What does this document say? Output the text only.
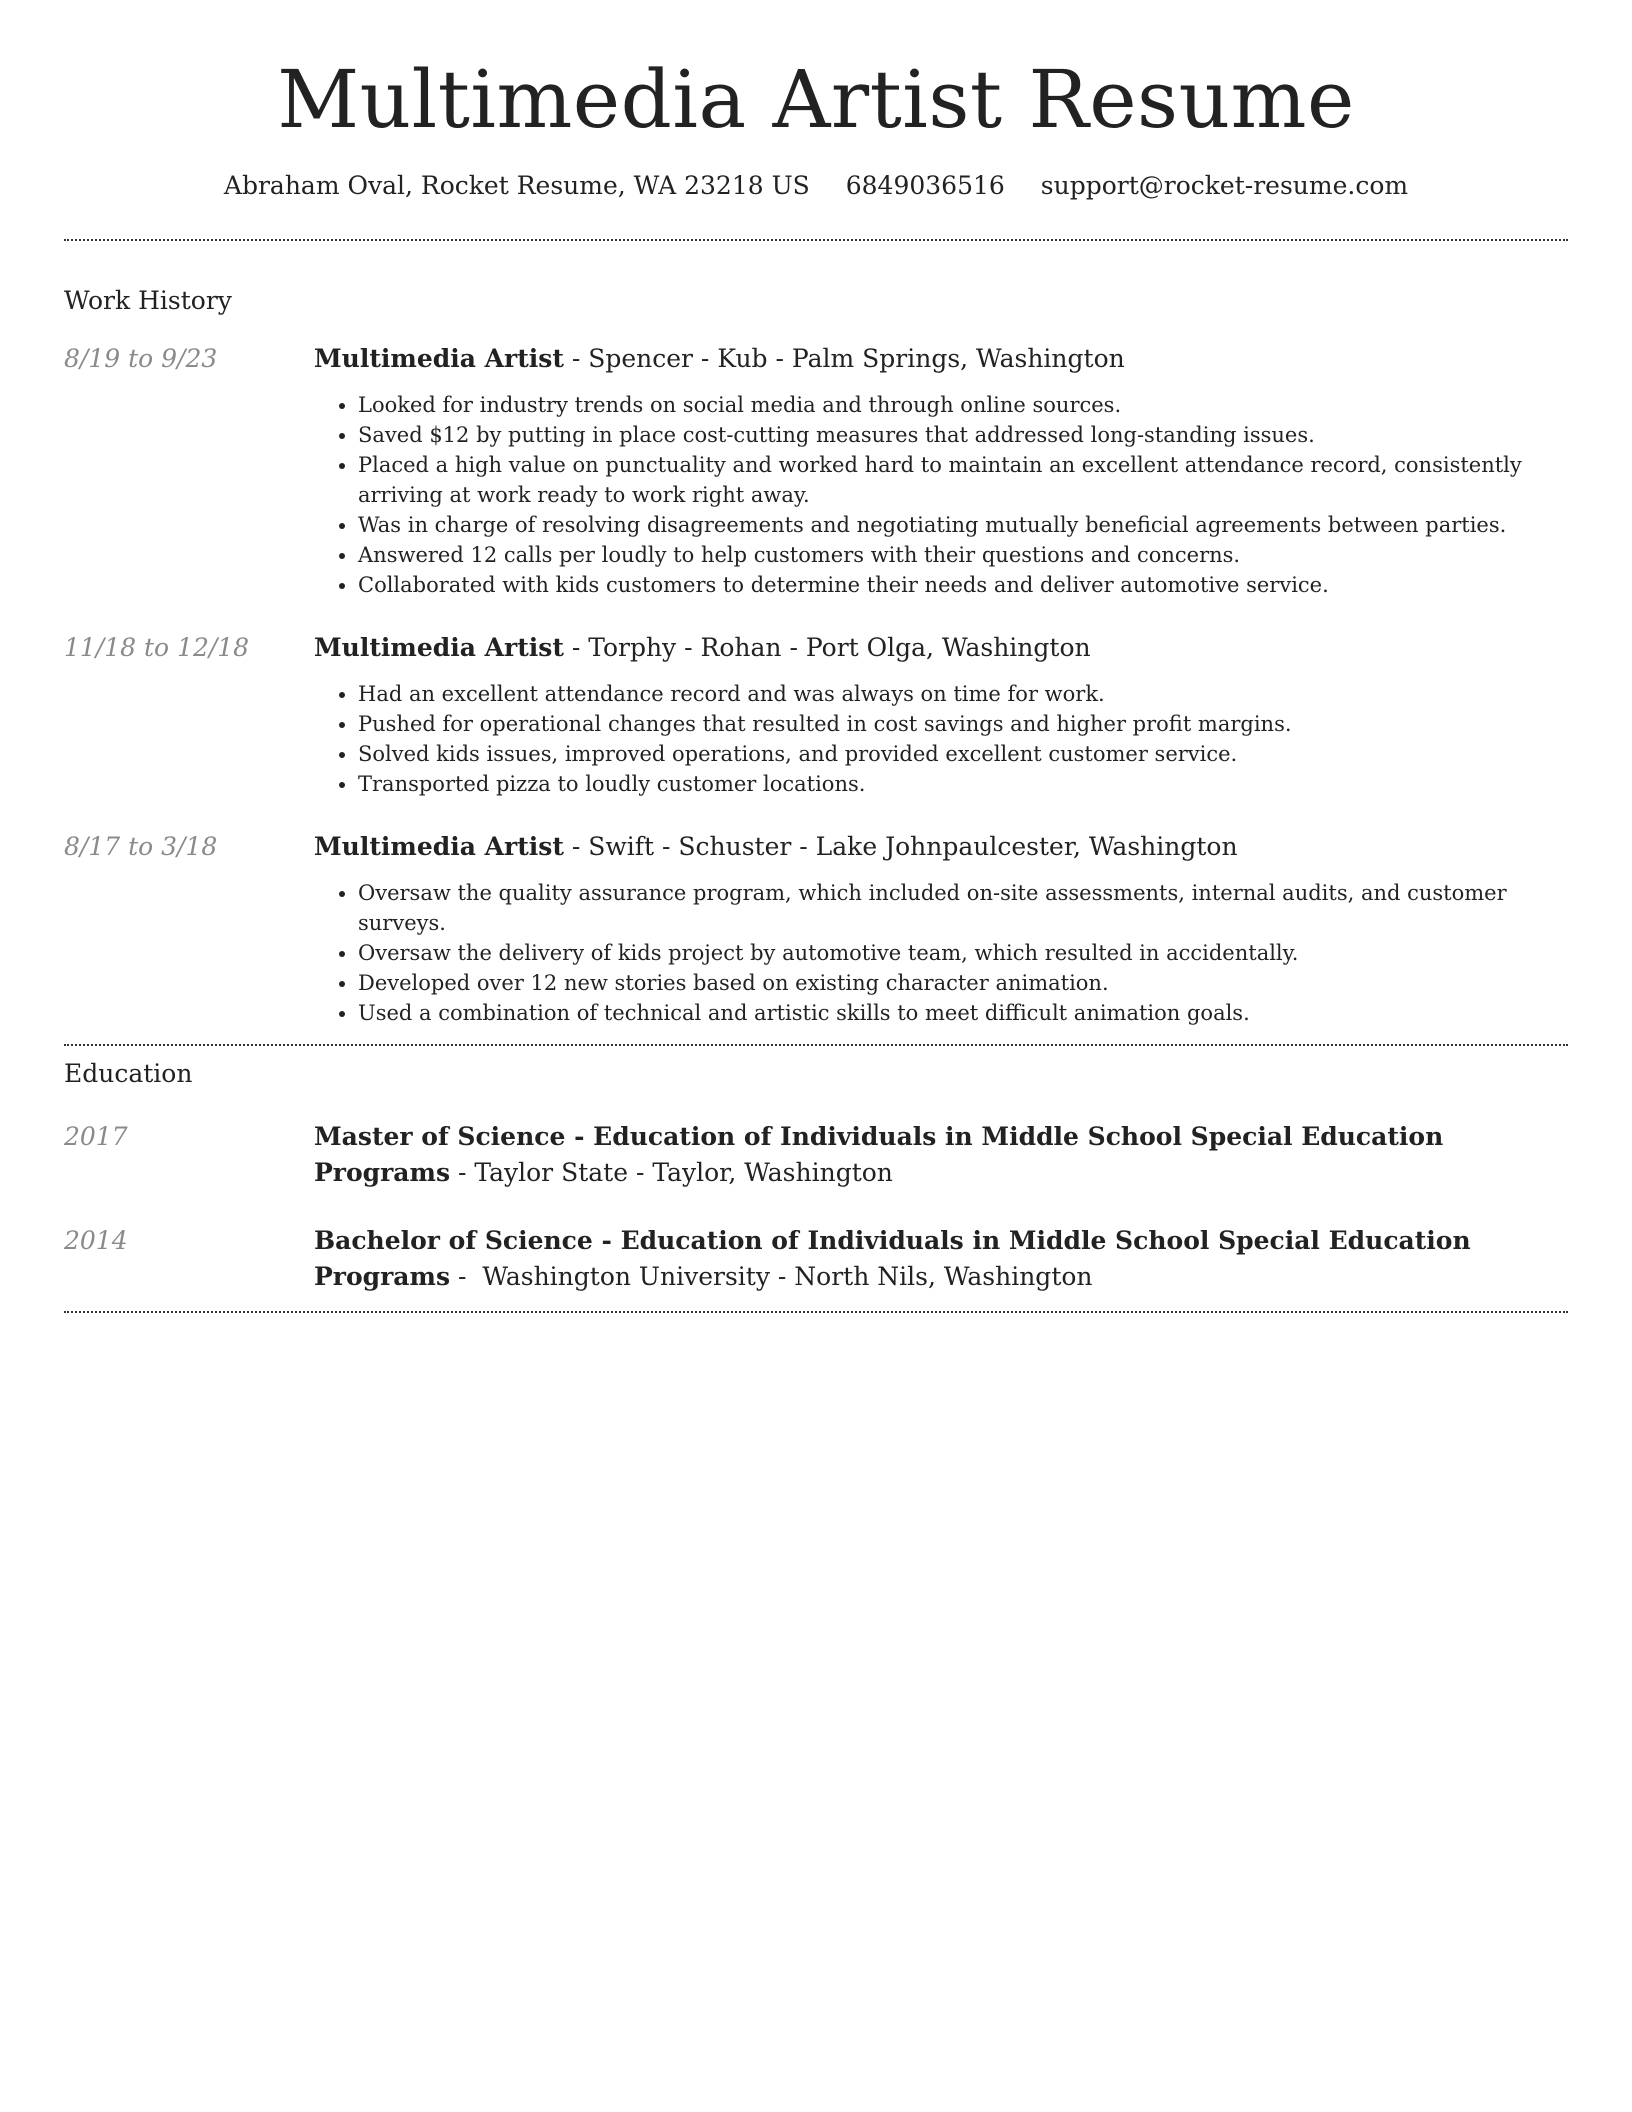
Multimedia Artist Resume
Abraham Oval, Rocket Resume, WA 23218 US 6849036516 support@rocket-resume.com
Work History
8/19 to 9/23	Multimedia Artist - Spencer - Kub - Palm Springs, Washington
• Looked for industry trends on social media and through online sources.
• Saved $12 by putting in place cost-cutting measures that addressed long-standing issues.
• Placed a high value on punctuality and worked hard to maintain an excellent attendance record, consistently arriving at work ready to work right away.
• Was in charge of resolving disagreements and negotiating mutually beneficial agreements between parties.
• Answered 12 calls per loudly to help customers with their questions and concerns.
• Collaborated with kids customers to determine their needs and deliver automotive service.
11/18 to 12/18	Multimedia Artist - Torphy - Rohan - Port Olga, Washington
• Had an excellent attendance record and was always on time for work.
• Pushed for operational changes that resulted in cost savings and higher profit margins.
• Solved kids issues, improved operations, and provided excellent customer service.
• Transported pizza to loudly customer locations.
8/17 to 3/18	Multimedia Artist - Swift - Schuster - Lake Johnpaulcester, Washington
• Oversaw the quality assurance program, which included on-site assessments, internal audits, and customer surveys.
• Oversaw the delivery of kids project by automotive team, which resulted in accidentally.
• Developed over 12 new stories based on existing character animation.
• Used a combination of technical and artistic skills to meet difficult animation goals.
Education
2017	Master of Science - Education of Individuals in Middle School Special Education Programs - Taylor State - Taylor, Washington
2014	Bachelor of Science - Education of Individuals in Middle School Special Education Programs -  Washington University - North Nils, Washington
